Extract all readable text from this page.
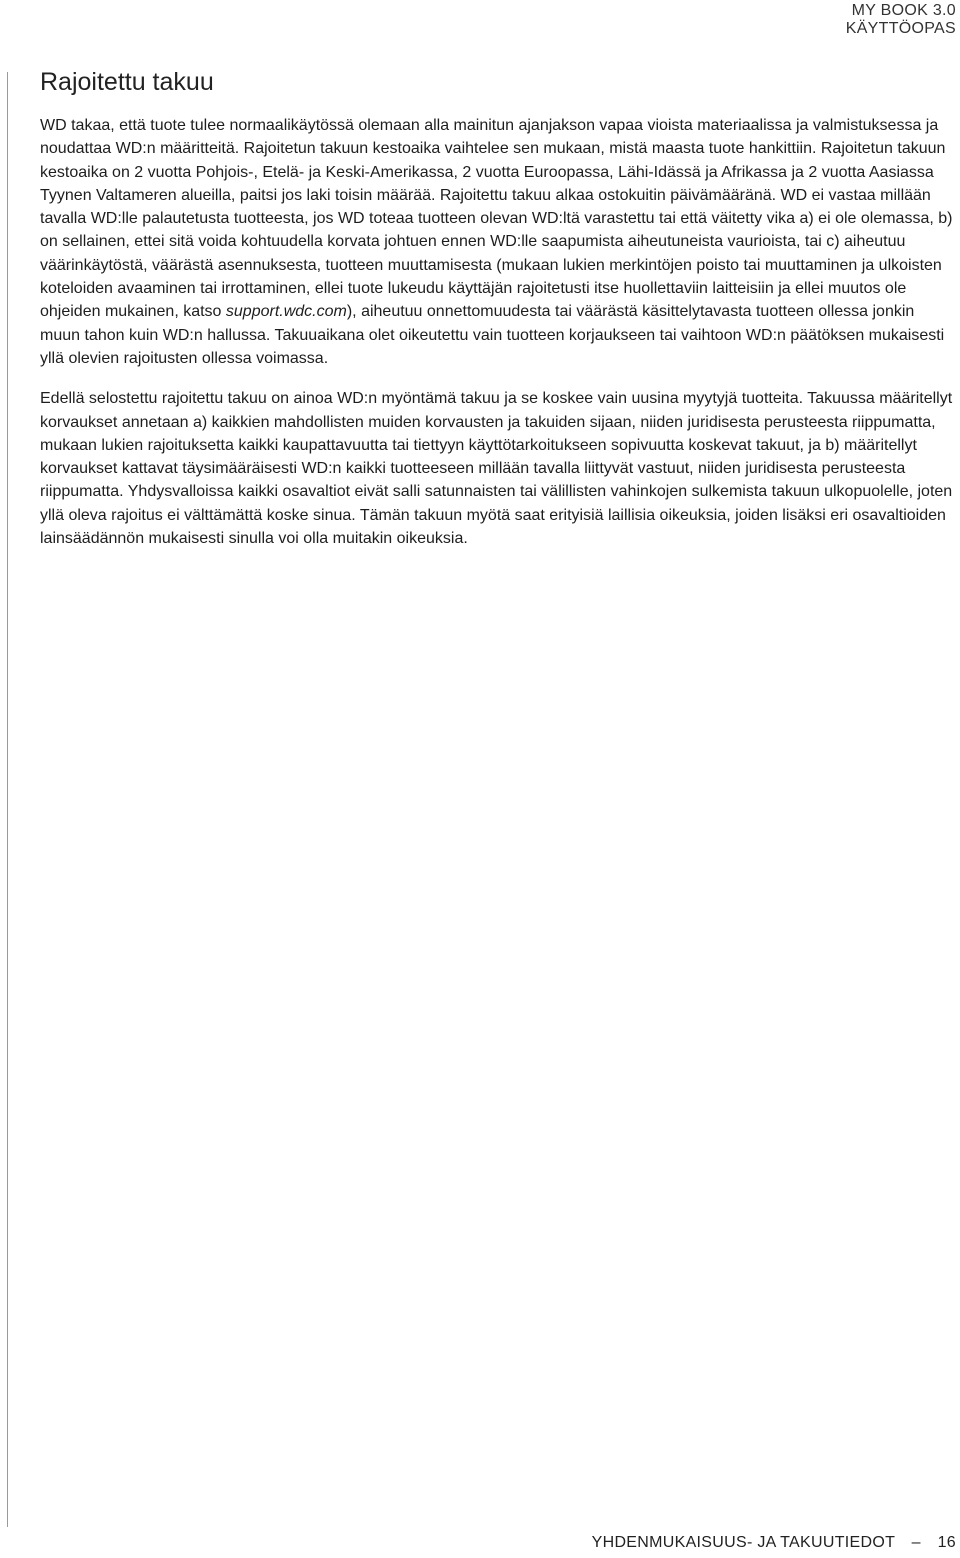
MY BOOK 3.0
KÄYTTÖOPAS
Rajoitettu takuu

WD takaa, että tuote tulee normaalikäytössä olemaan alla mainitun ajanjakson vapaa vioista materiaalissa ja valmistuksessa ja noudattaa WD:n määritteitä. Rajoitetun takuun kestoaika vaihtelee sen mukaan, mistä maasta tuote hankittiin. Rajoitetun takuun kestoaika on 2 vuotta Pohjois-, Etelä- ja Keski-Amerikassa, 2 vuotta Euroopassa, Lähi-Idässä ja Afrikassa ja 2 vuotta Aasiassa Tyynen Valtameren alueilla, paitsi jos laki toisin määrää. Rajoitettu takuu alkaa ostokuitin päivämääränä. WD ei vastaa millään tavalla WD:lle palautetusta tuotteesta, jos WD toteaa tuotteen olevan WD:ltä varastettu tai että väitetty vika a) ei ole olemassa, b) on sellainen, ettei sitä voida kohtuudella korvata johtuen ennen WD:lle saapumista aiheutuneista vaurioista, tai c) aiheutuu väärinkäytöstä, väärästä asennuksesta, tuotteen muuttamisesta (mukaan lukien merkintöjen poisto tai muuttaminen ja ulkoisten koteloiden avaaminen tai irrottaminen, ellei tuote lukeudu käyttäjän rajoitetusti itse huollettaviin laitteisiin ja ellei muutos ole ohjeiden mukainen, katso support.wdc.com), aiheutuu onnettomuudesta tai väärästä käsittelytavasta tuotteen ollessa jonkin muun tahon kuin WD:n hallussa. Takuuaikana olet oikeutettu vain tuotteen korjaukseen tai vaihtoon WD:n päätöksen mukaisesti yllä olevien rajoitusten ollessa voimassa.

Edellä selostettu rajoitettu takuu on ainoa WD:n myöntämä takuu ja se koskee vain uusina myytyjä tuotteita. Takuussa määritellyt korvaukset annetaan a) kaikkien mahdollisten muiden korvausten ja takuiden sijaan, niiden juridisesta perusteesta riippumatta, mukaan lukien rajoituksetta kaikki kaupattavuutta tai tiettyyn käyttötarkoitukseen sopivuutta koskevat takuut, ja b) määritellyt korvaukset kattavat täysimääräisesti WD:n kaikki tuotteeseen millään tavalla liittyvät vastuut, niiden juridisesta perusteesta riippumatta. Yhdysvalloissa kaikki osavaltiot eivät salli satunnaisten tai välillisten vahinkojen sulkemista takuun ulkopuolelle, joten yllä oleva rajoitus ei välttämättä koske sinua. Tämän takuun myötä saat erityisiä laillisia oikeuksia, joiden lisäksi eri osavaltioiden lainsäädännön mukaisesti sinulla voi olla muitakin oikeuksia.

YHDENMUKAISUUS- JA TAKUUTIEDOT – 16
